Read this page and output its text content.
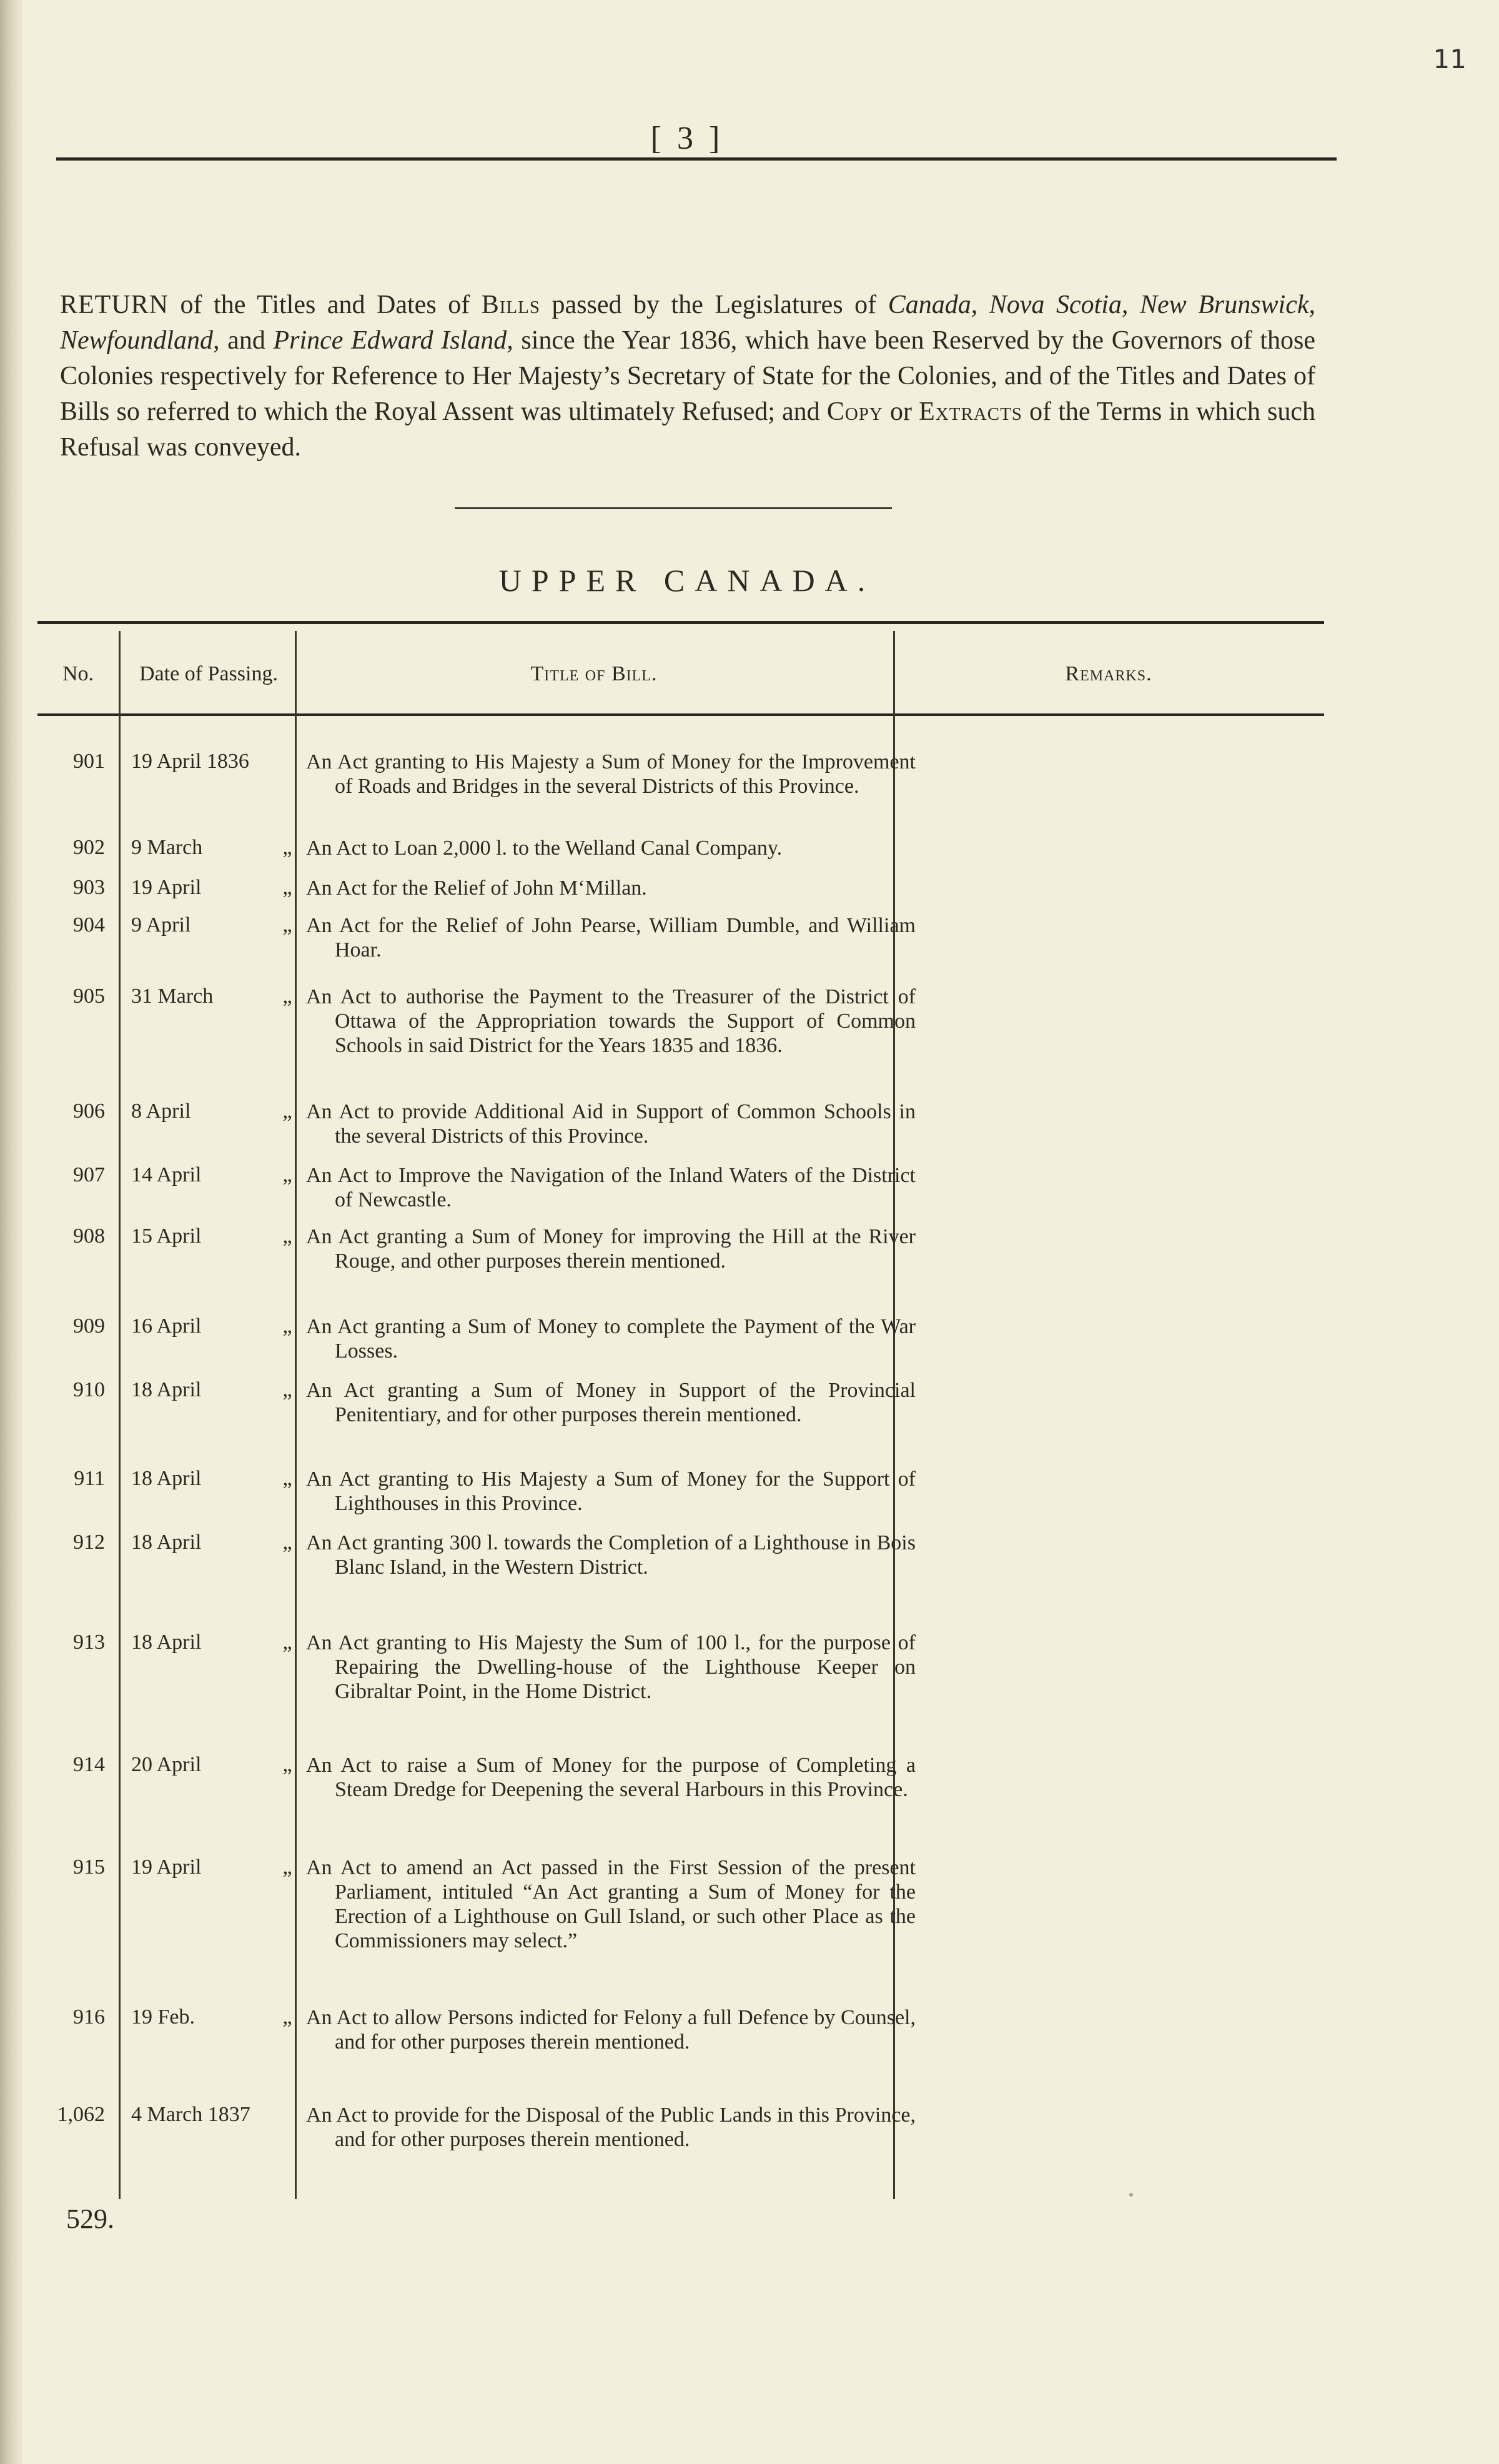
11
[ 3 ]
RETURN of the Titles and Dates of Bills passed by the Legislatures of Canada, Nova Scotia, New Brunswick, Newfoundland, and Prince Edward Island, since the Year 1836, which have been Reserved by the Governors of those Colonies respectively for Reference to Her Majesty’s Secretary of State for the Colonies, and of the Titles and Dates of Bills so referred to which the Royal Assent was ultimately Refused; and Copy or Extracts of the Terms in which such Refusal was conveyed.
UPPER CANADA.
No.	Date of Passing.	Title of Bill.	Remarks.
901 19 April 1836	An Act granting to His Majesty a Sum of Money for the Improvement of Roads and Bridges in the several Districts of this Province.
902 9 March	„ An Act to Loan 2,000 l. to the Welland Canal Company.
903 19 April	„ An Act for the Relief of John M‘Millan.
904 9 April	„ An Act for the Relief of John Pearse, William Dumble, and William Hoar.
905 31 March	„ An Act to authorise the Payment to the Treasurer of the District of Ottawa of the Appropriation towards the Support of Common Schools in said District for the Years 1835 and 1836.
906 8 April	„ An Act to provide Additional Aid in Support of Common Schools in the several Districts of this Province.
907 14 April	„ An Act to Improve the Navigation of the Inland Waters of the District of Newcastle.
908 15 April	„ An Act granting a Sum of Money for improving the Hill at the River Rouge, and other purposes therein mentioned.
909 16 April	„ An Act granting a Sum of Money to complete the Payment of the War Losses.
910 18 April	„ An Act granting a Sum of Money in Support of the Provincial Penitentiary, and for other purposes therein mentioned.
911 18 April	„ An Act granting to His Majesty a Sum of Money for the Support of Lighthouses in this Province.
912 18 April	„ An Act granting 300 l. towards the Completion of a Lighthouse in Bois Blanc Island, in the Western District.
913 18 April	„ An Act granting to His Majesty the Sum of 100 l., for the purpose of Repairing the Dwelling-house of the Lighthouse Keeper on Gibraltar Point, in the Home District.
914 20 April	„ An Act to raise a Sum of Money for the purpose of Completing a Steam Dredge for Deepening the several Harbours in this Province.
915 19 April	„ An Act to amend an Act passed in the First Session of the present Parliament, intituled “An Act granting a Sum of Money for the Erection of a Lighthouse on Gull Island, or such other Place as the Commissioners may select.”
916 19 Feb.	„ An Act to allow Persons indicted for Felony a full Defence by Counsel, and for other purposes therein mentioned.
1,062 4 March 1837	An Act to provide for the Disposal of the Public Lands in this Province, and for other purposes therein mentioned.
529.
